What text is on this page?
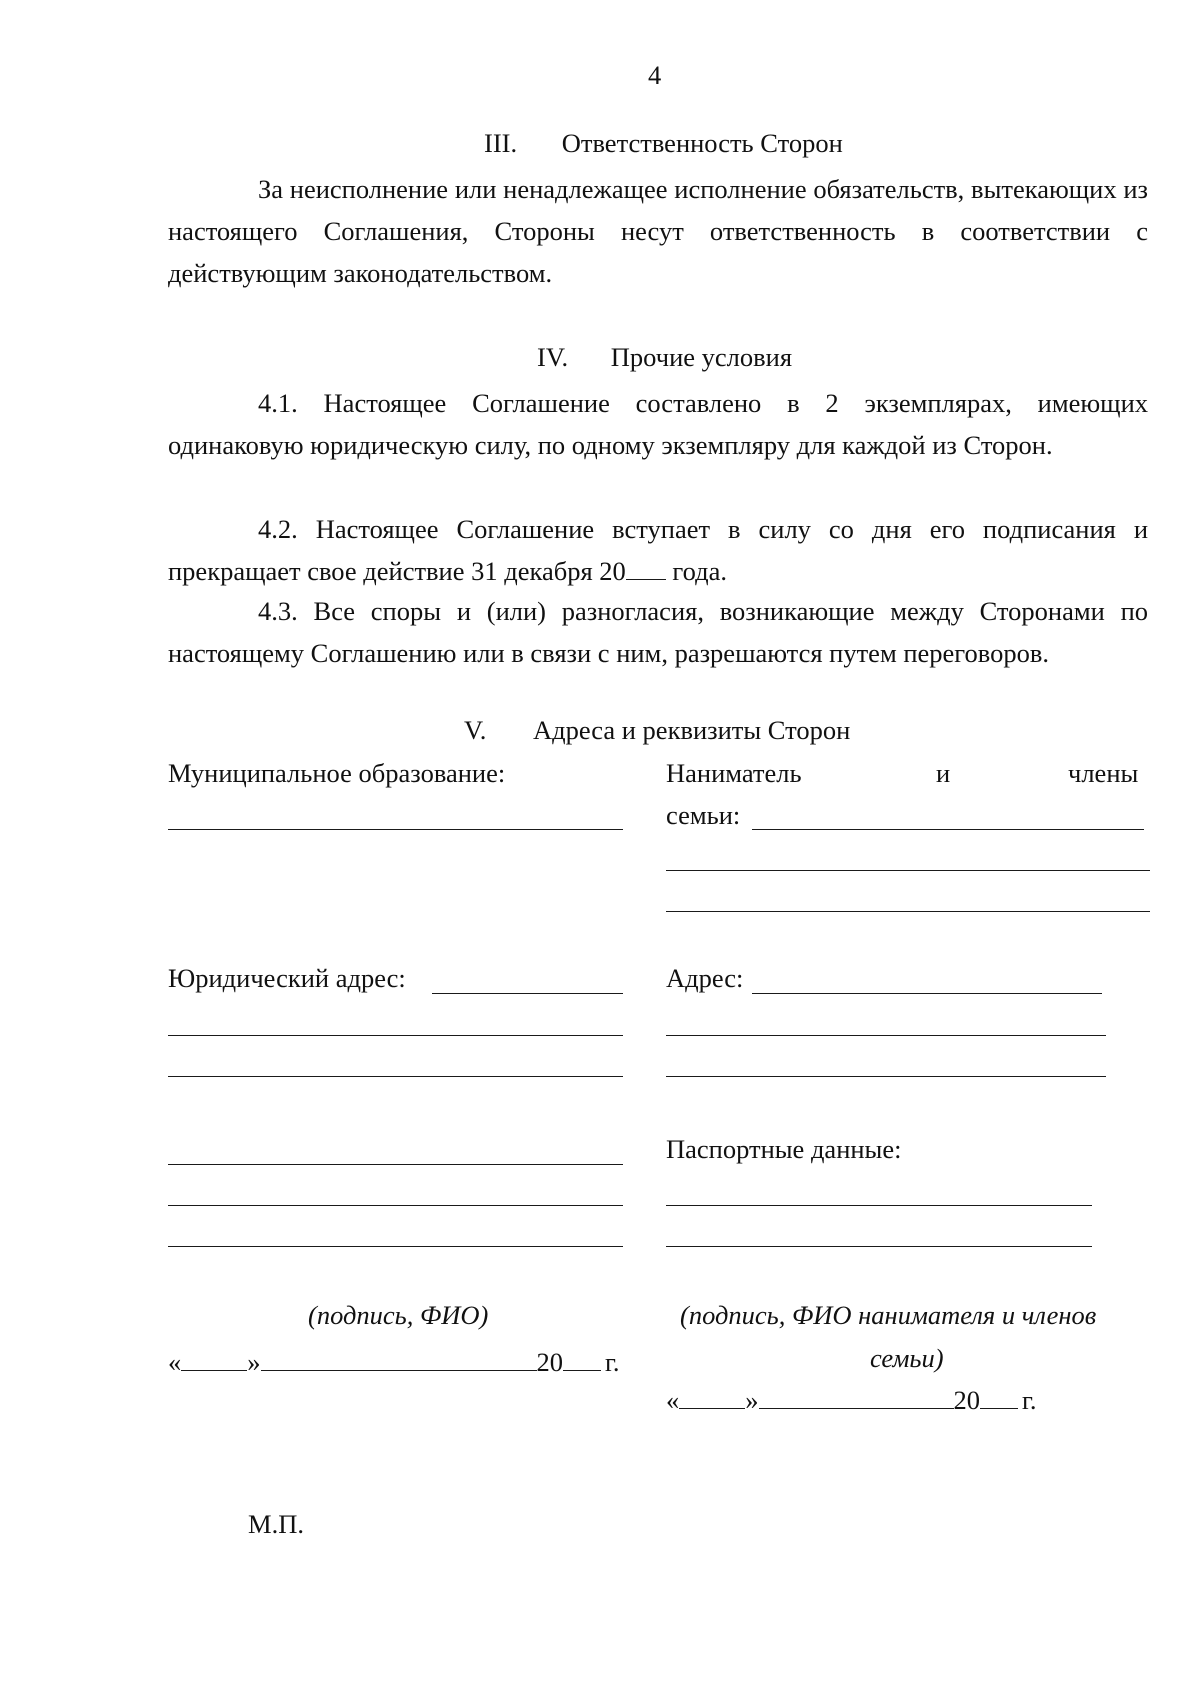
4
III. Ответственность Сторон
За неисполнение или ненадлежащее исполнение обязательств, вытекающих из настоящего Соглашения, Стороны несут ответственность в соответствии с действующим законодательством.
IV. Прочие условия
4.1. Настоящее Соглашение составлено в 2 экземплярах, имеющих одинаковую юридическую силу, по одному экземпляру для каждой из Сторон.
4.2. Настоящее Соглашение вступает в силу со дня его подписания и прекращает свое действие 31 декабря 20 года.
4.3. Все споры и (или) разногласия, возникающие между Сторонами по настоящему Соглашению или в связи с ним, разрешаются путем переговоров.
V. Адреса и реквизиты Сторон
Муниципальное образование:
Юридический адрес:
(подпись, ФИО)
« »	20 г.
М.П.
Наниматель	и	члены
семьи:
Адрес:
Паспортные данные:
(подпись, ФИО нанимателя и членов
семьи)
« »	20 г.
